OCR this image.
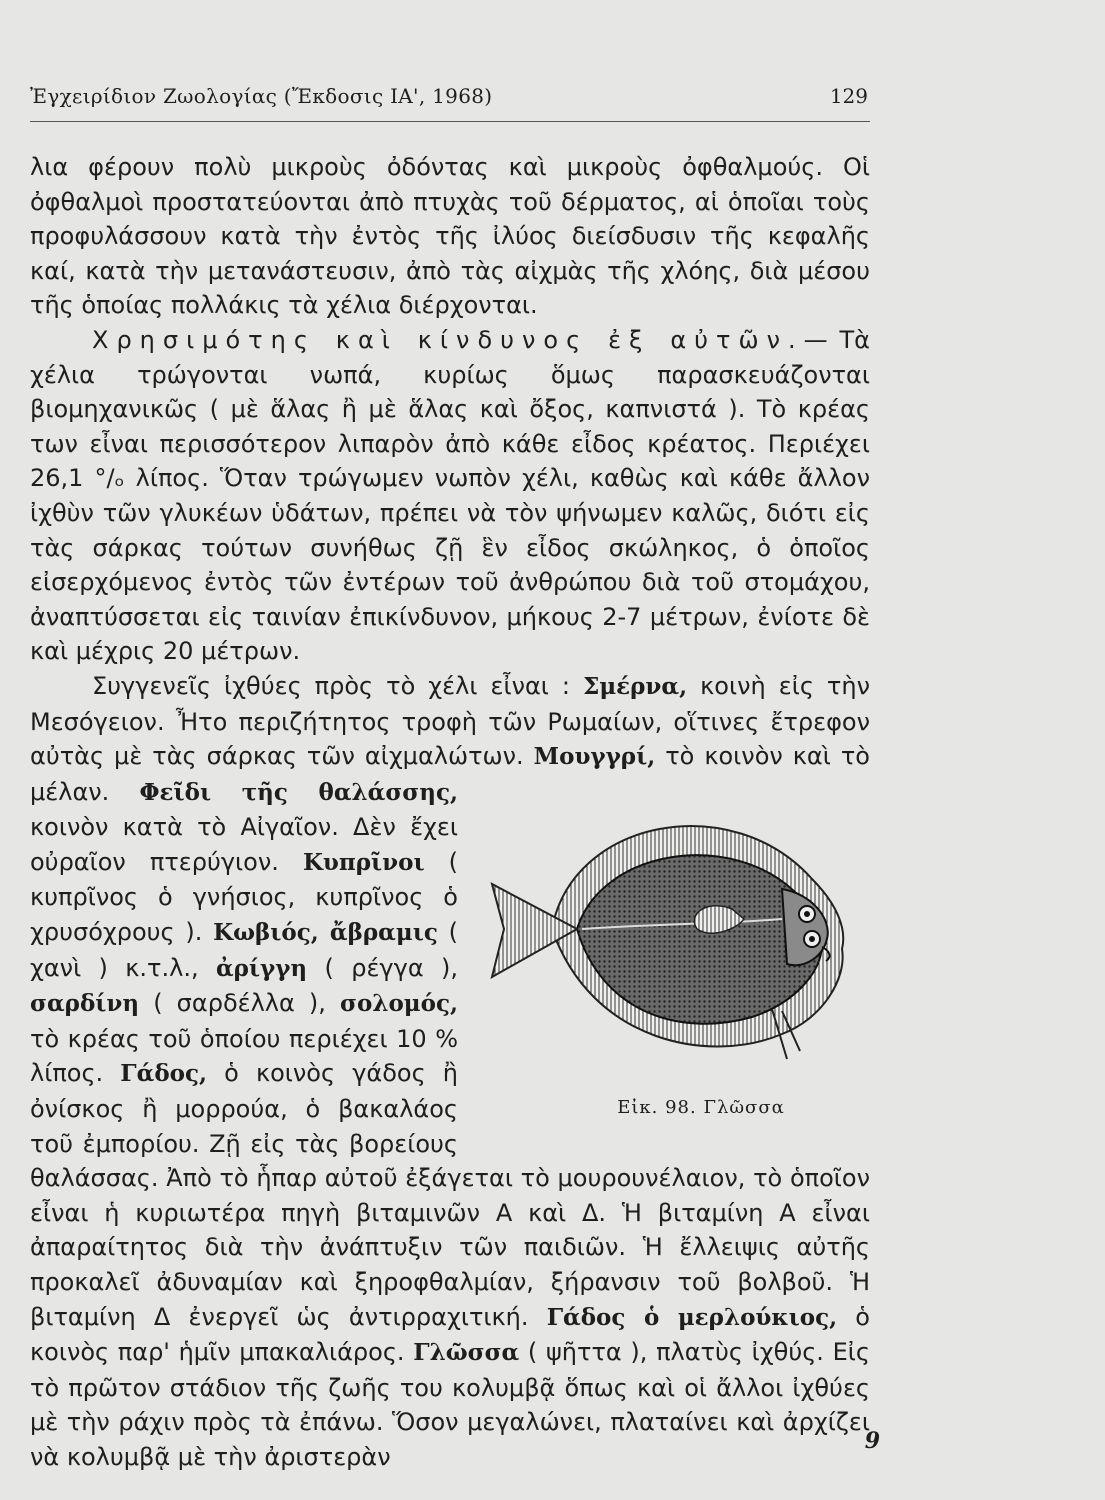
Ἐγχειρίδιον Ζωολογίας (Ἔκδοσις ΙΑ', 1968)	129

λια φέρουν πολὺ μικροὺς ὀδόντας καὶ μικροὺς ὀφθαλμούς. Οἱ ὀφθαλμοὶ προστατεύονται ἀπὸ πτυχὰς τοῦ δέρματος, αἱ ὁποῖαι τοὺς προφυλάσσουν κατὰ τὴν ἐντὸς τῆς ἰλύος διείσδυσιν τῆς κεφαλῆς καί, κατὰ τὴν μετανάστευσιν, ἀπὸ τὰς αἰχμὰς τῆς χλόης, διὰ μέσου τῆς ὁποίας πολλάκις τὰ χέλια διέρχονται.

Χρησιμότης καὶ κίνδυνος ἐξ αὐτῶν.— Τὰ χέλια τρώγονται νωπά, κυρίως ὅμως παρασκευάζονται βιομηχανικῶς ( μὲ ἅλας ἢ μὲ ἅλας καὶ ὄξος, καπνιστά ). Τὸ κρέας των εἶναι περισσότερον λιπαρὸν ἀπὸ κάθε εἶδος κρέατος. Περιέχει 26,1 °/ₒ λίπος. Ὅταν τρώγωμεν νωπὸν χέλι, καθὼς καὶ κάθε ἄλλον ἰχθὺν τῶν γλυκέων ὑδάτων, πρέπει νὰ τὸν ψήνωμεν καλῶς, διότι εἰς τὰς σάρκας τούτων συνήθως ζῇ ἓν εἶδος σκώληκος, ὁ ὁποῖος εἰσερχόμενος ἐντὸς τῶν ἐντέρων τοῦ ἀνθρώπου διὰ τοῦ στομάχου, ἀναπτύσσεται εἰς ταινίαν ἐπικίνδυνον, μήκους 2-7 μέτρων, ἐνίοτε δὲ καὶ μέχρις 20 μέτρων.

Συγγενεῖς ἰχθύες πρὸς τὸ χέλι εἶναι : Σμέρνα, κοινὴ εἰς τὴν Μεσόγειον. Ἦτο περιζήτητος τροφὴ τῶν Ρωμαίων, οἵτινες ἔτρεφον αὐτὰς μὲ τὰς σάρκας τῶν αἰχμαλώτων.
Εἰκ. 98. Γλῶσσα
Μουγγρί, τὸ κοινὸν καὶ τὸ μέλαν. Φεῖδι τῆς θαλάσσης, κοινὸν κατὰ τὸ Αἰγαῖον. Δὲν ἔχει οὐραῖον πτερύγιον. Κυπρῖνοι ( κυπρῖνος ὁ γνήσιος, κυπρῖνος ὁ χρυσόχρους ). Κωβιός, ἄβραμις ( χανὶ ) κ.τ.λ., ἀρίγγη ( ρέγγα ), σαρδίνη ( σαρδέλλα ), σολομός, τὸ κρέας τοῦ ὁποίου περιέχει 10 % λίπος. Γάδος, ὁ κοινὸς γάδος ἢ ὀνίσκος ἢ μορρούα, ὁ βακαλάος τοῦ ἐμπορίου. Ζῇ εἰς τὰς βορείους θαλάσσας. Ἀπὸ τὸ ἧπαρ αὐτοῦ ἐξάγεται τὸ μουρουνέλαιον, τὸ ὁποῖον εἶναι ἡ κυριωτέρα πηγὴ βιταμινῶν Α καὶ Δ. Ἡ βιταμίνη Α εἶναι ἀπαραίτητος διὰ τὴν ἀνάπτυξιν τῶν παιδιῶν. Ἡ ἔλλειψις αὐτῆς προκαλεῖ ἀδυναμίαν καὶ ξηροφθαλμίαν, ξήρανσιν τοῦ βολβοῦ. Ἡ βιταμίνη Δ ἐνεργεῖ ὡς ἀντιρραχιτική. Γάδος ὁ μερλούκιος, ὁ κοινὸς παρ' ἡμῖν μπακαλιάρος. Γλῶσσα ( ψῆττα ), πλατὺς ἰχθύς. Εἰς τὸ πρῶτον στάδιον τῆς ζωῆς του κολυμβᾷ ὅπως καὶ οἱ ἄλλοι ἰχθύες μὲ τὴν ράχιν πρὸς τὰ ἐπάνω. Ὅσον μεγαλώνει, πλαταίνει καὶ ἀρχίζει νὰ κολυμβᾷ μὲ τὴν ἀριστερὰν

9
